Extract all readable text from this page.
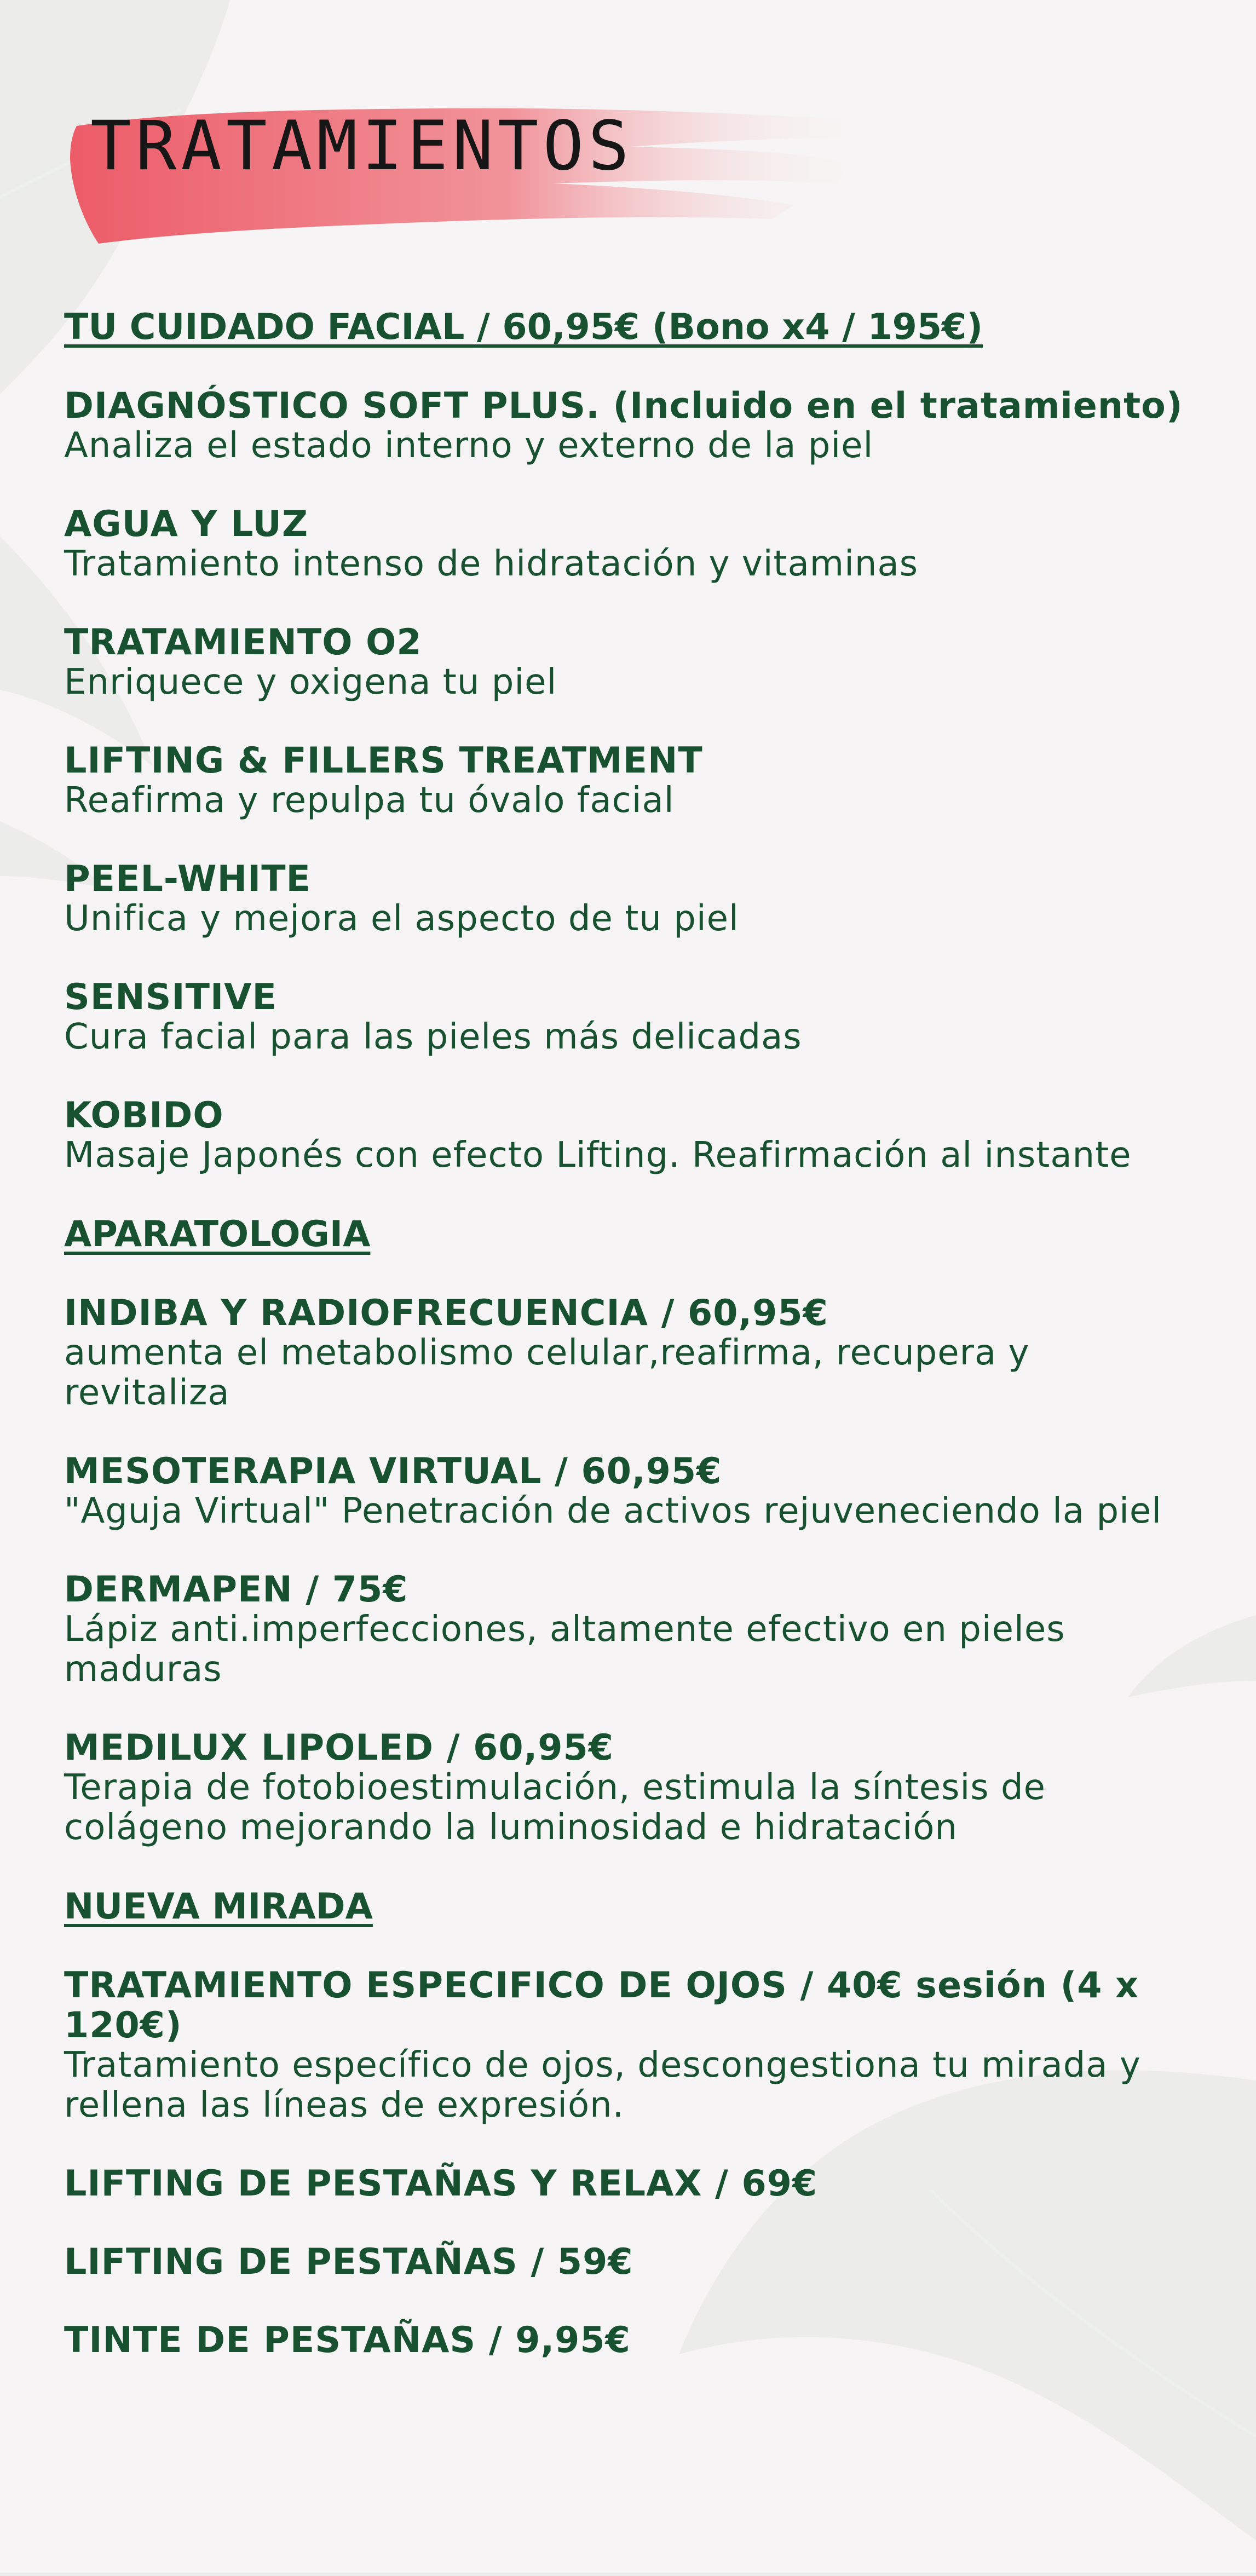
TRATAMIENTOS
TU CUIDADO FACIAL / 60,95€ (Bono x4 / 195€)
DIAGNÓSTICO SOFT PLUS. (Incluido en el tratamiento)
Analiza el estado interno y externo de la piel
AGUA Y LUZ
Tratamiento intenso de hidratación y vitaminas
TRATAMIENTO O2
Enriquece y oxigena tu piel
LIFTING & FILLERS TREATMENT
Reafirma y repulpa tu óvalo facial
PEEL-WHITE
Unifica y mejora el aspecto de tu piel
SENSITIVE
Cura facial para las pieles más delicadas
KOBIDO
Masaje Japonés con efecto Lifting. Reafirmación al instante
APARATOLOGIA
INDIBA Y RADIOFRECUENCIA / 60,95€
aumenta el metabolismo celular,reafirma, recupera y revitaliza
MESOTERAPIA VIRTUAL / 60,95€
"Aguja Virtual" Penetración de activos rejuveneciendo la piel
DERMAPEN / 75€
Lápiz anti.imperfecciones, altamente efectivo en pieles maduras
MEDILUX LIPOLED / 60,95€
Terapia de fotobioestimulación, estimula la síntesis de colágeno mejorando la luminosidad e hidratación
NUEVA MIRADA
TRATAMIENTO ESPECIFICO DE OJOS / 40€ sesión (4 x 120€)
Tratamiento específico de ojos, descongestiona tu mirada y rellena las líneas de expresión.
LIFTING DE PESTAÑAS Y RELAX / 69€
LIFTING DE PESTAÑAS / 59€
TINTE DE PESTAÑAS / 9,95€
